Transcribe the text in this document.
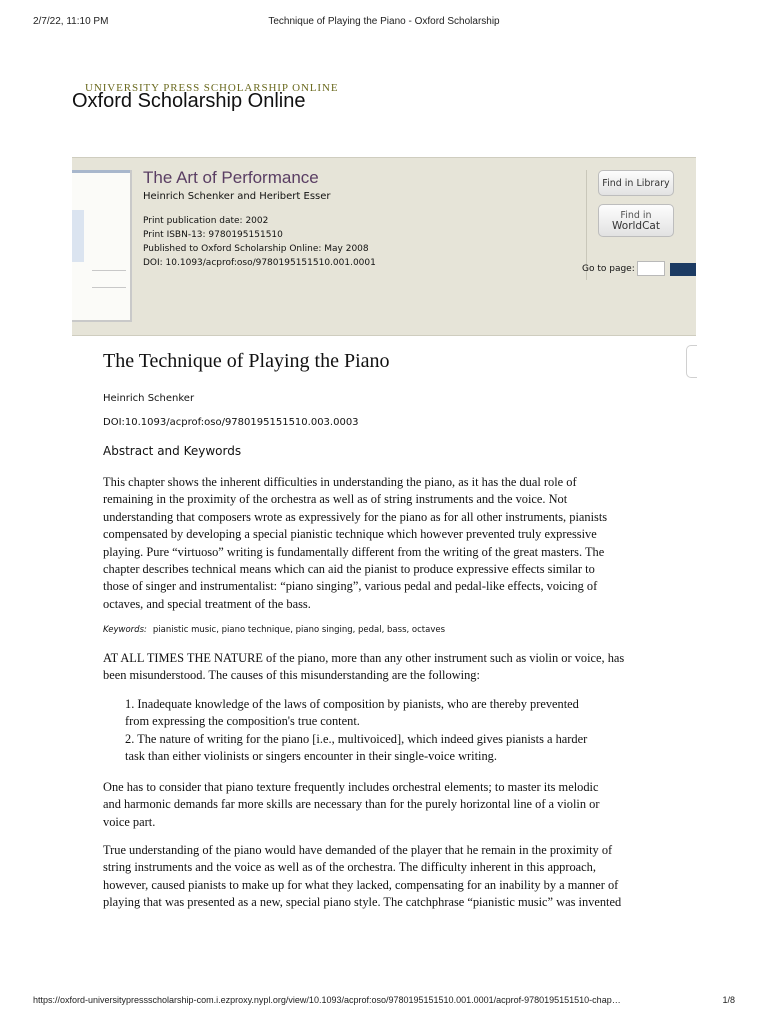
2/7/22, 11:10 PM	Technique of Playing the Piano - Oxford Scholarship
UNIVERSITY PRESS SCHOLARSHIP ONLINE
Oxford Scholarship Online
The Art of Performance
Heinrich Schenker and Heribert Esser
Print publication date: 2002
Print ISBN-13: 9780195151510
Published to Oxford Scholarship Online: May 2008
DOI: 10.1093/acprof:oso/9780195151510.001.0001
Find in Library
Find in
WorldCat
Go to page:	Go
The Technique of Playing the Piano
Heinrich Schenker
DOI:10.1093/acprof:oso/9780195151510.003.0003
Abstract and Keywords
This chapter shows the inherent difficulties in understanding the piano, as it has the dual role of
remaining in the proximity of the orchestra as well as of string instruments and the voice. Not
understanding that composers wrote as expressively for the piano as for all other instruments, pianists
compensated by developing a special pianistic technique which however prevented truly expressive
playing. Pure “virtuoso” writing is fundamentally different from the writing of the great masters. The
chapter describes technical means which can aid the pianist to produce expressive effects similar to
those of singer and instrumentalist: “piano singing”, various pedal and pedal-like effects, voicing of
octaves, and special treatment of the bass.
Keywords: pianistic music, piano technique, piano singing, pedal, bass, octaves
AT ALL TIMES THE NATURE of the piano, more than any other instrument such as violin or voice, has
been misunderstood. The causes of this misunderstanding are the following:
1. Inadequate knowledge of the laws of composition by pianists, who are thereby prevented
from expressing the composition's true content.
2. The nature of writing for the piano [i.e., multivoiced], which indeed gives pianists a harder
task than either violinists or singers encounter in their single-voice writing.
One has to consider that piano texture frequently includes orchestral elements; to master its melodic
and harmonic demands far more skills are necessary than for the purely horizontal line of a violin or
voice part.
True understanding of the piano would have demanded of the player that he remain in the proximity of
string instruments and the voice as well as of the orchestra. The difficulty inherent in this approach,
however, caused pianists to make up for what they lacked, compensating for an inability by a manner of
playing that was presented as a new, special piano style. The catchphrase “pianistic music” was invented
https://oxford-universitypressscholarship-com.i.ezproxy.nypl.org/view/10.1093/acprof:oso/9780195151510.001.0001/acprof-9780195151510-chap…	1/8
